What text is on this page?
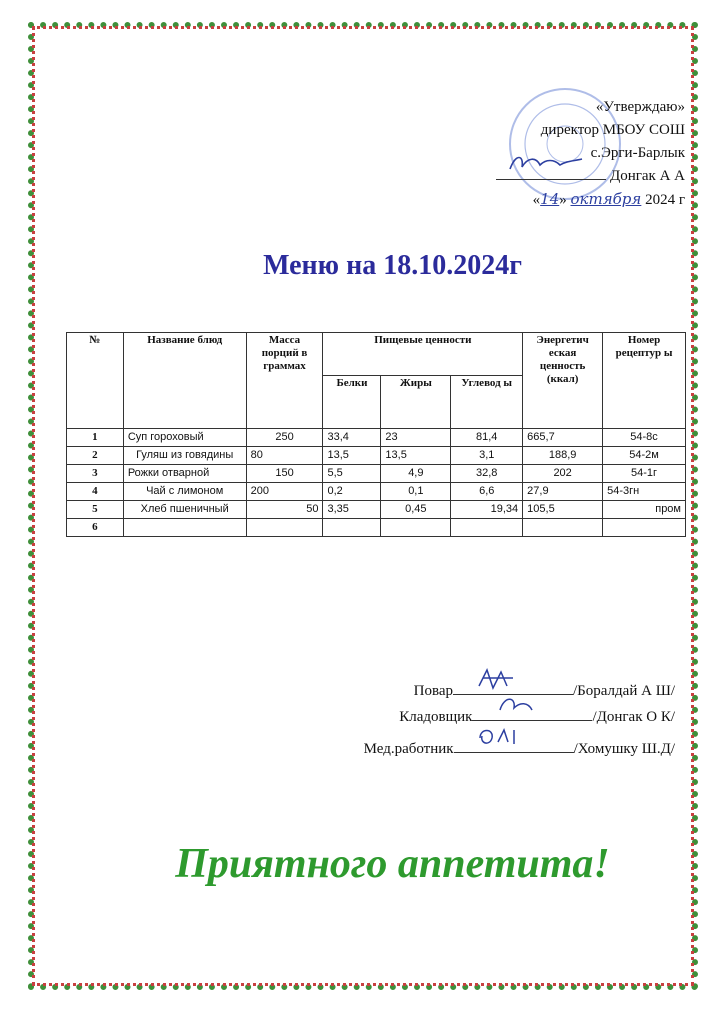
«Утверждаю»
директор МБОУ СОШ
с.Эрги-Барлык
Донгак А А
«14» октября 2024 г
Меню на 18.10.2024г
№	Название блюд	Масса порций в граммах	Пищевые ценности			Энергетич еская ценность (ккал)	Номер рецептур ы
			Белки	Жиры	Углевод ы		
1	Суп гороховый	250	33,4	23	81,4	665,7	54-8с
2	Гуляш из говядины	80	13,5	13,5	3,1	188,9	54-2м
3	Рожки отварной	150	5,5	4,9	32,8	202	54-1г
4	Чай с лимоном	200	0,2	0,1	6,6	27,9	54-3гн
5	Хлеб пшеничный	50	3,35	0,45	19,34	105,5	пром
6							
Повар	/Боралдай А Ш/
Кладовщик	/Донгак О К/
Мед.работник	/Хомушку Ш.Д/
Приятного аппетита!
